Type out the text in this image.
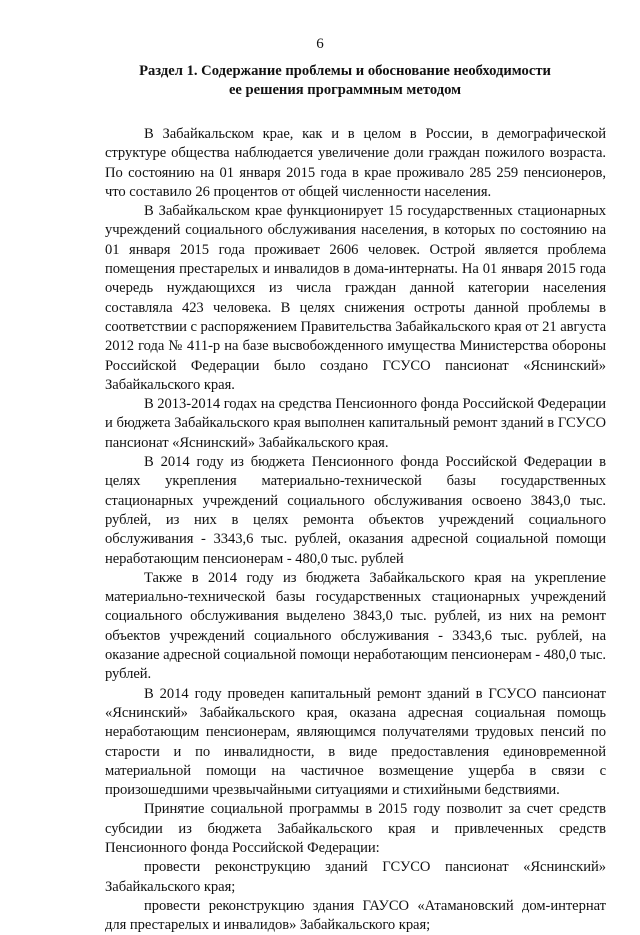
6
Раздел 1. Содержание проблемы и обоснование необходимости
ее решения программным методом

В Забайкальском крае, как и в целом в России, в демографической структуре общества наблюдается увеличение доли граждан пожилого возраста. По состоянию на 01 января 2015 года в крае проживало 285 259 пенсионеров, что составило 26 процентов от общей численности населения.

В Забайкальском крае функционирует 15 государственных стационарных учреждений социального обслуживания населения, в которых по состоянию на 01 января 2015 года проживает 2606 человек. Острой является проблема помещения престарелых и инвалидов в дома-интернаты. На 01 января 2015 года очередь нуждающихся из числа граждан данной категории населения составляла 423 человека. В целях снижения остроты данной проблемы в соответствии с распоряжением Правительства Забайкальского края от 21 августа 2012 года № 411-р на базе высвобожденного имущества Министерства обороны Российской Федерации было создано ГСУСО пансионат «Яснинский» Забайкальского края.

В 2013-2014 годах на средства Пенсионного фонда Российской Федерации и бюджета Забайкальского края выполнен капитальный ремонт зданий в ГСУСО пансионат «Яснинский» Забайкальского края.

В 2014 году из бюджета Пенсионного фонда Российской Федерации в целях укрепления материально-технической базы государственных стационарных учреждений социального обслуживания освоено 3843,0 тыс. рублей, из них в целях ремонта объектов учреждений социального обслуживания - 3343,6 тыс. рублей, оказания адресной социальной помощи неработающим пенсионерам - 480,0 тыс. рублей

Также в 2014 году из бюджета Забайкальского края на укрепление материально-технической базы государственных стационарных учреждений социального обслуживания выделено 3843,0 тыс. рублей, из них на ремонт объектов учреждений социального обслуживания - 3343,6 тыс. рублей, на оказание адресной социальной помощи неработающим пенсионерам - 480,0 тыс. рублей.

В 2014 году проведен капитальный ремонт зданий в ГСУСО пансионат «Яснинский» Забайкальского края, оказана адресная социальная помощь неработающим пенсионерам, являющимся получателями трудовых пенсий по старости и по инвалидности, в виде предоставления единовременной материальной помощи на частичное возмещение ущерба в связи с произошедшими чрезвычайными ситуациями и стихийными бедствиями.

Принятие социальной программы в 2015 году позволит за счет средств субсидии из бюджета Забайкальского края и привлеченных средств Пенсионного фонда Российской Федерации:

провести реконструкцию зданий ГСУСО пансионат «Яснинский» Забайкальского края;

провести реконструкцию здания ГАУСО «Атамановский дом-интернат для престарелых и инвалидов» Забайкальского края;
